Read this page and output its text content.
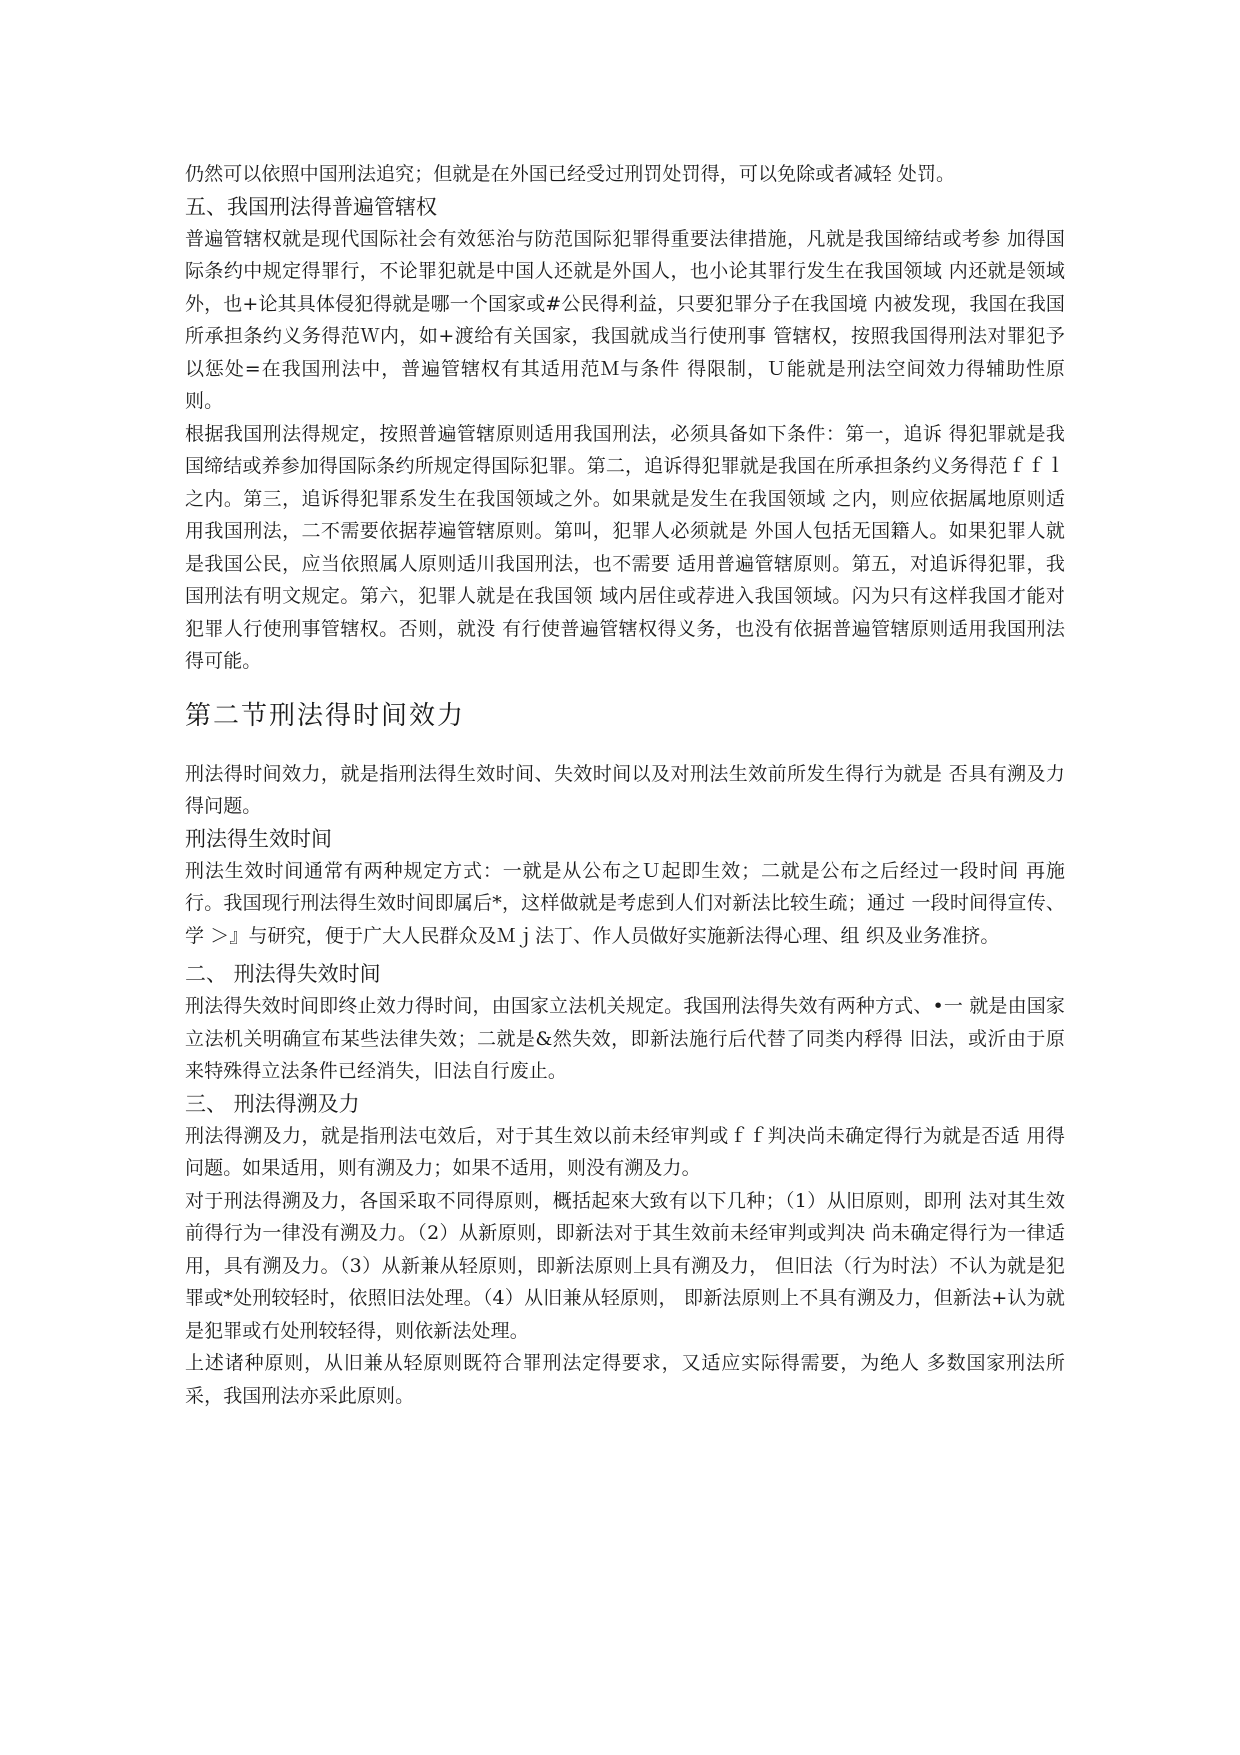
仍然可以依照中国刑法追究；但就是在外国已经受过刑罚处罚得，可以免除或者减轻 处罚。

五、我国刑法得普遍管辖权

普遍管辖权就是现代国际社会有效惩治与防范国际犯罪得重要法律措施，凡就是我国缔结或考参 加得国际条约中规定得罪行，不论罪犯就是中国人还就是外国人，也小论其罪行发生在我国领域 内还就是领域外，也+论其具体侵犯得就是哪一个国家或#公民得利益，只要犯罪分子在我国境 内被发现，我国在我国所承担条约义务得范Ｗ内，如+渡给有关国家，我国就成当行使刑事 管辖权，按照我国得刑法对罪犯予以惩处=在我国刑法中，普遍管辖权有其适用范Ｍ与条件 得限制，Ｕ能就是刑法空间效力得辅助性原则。

根据我国刑法得规定，按照普遍管辖原则适用我国刑法，必须具备如下条件：第一，追诉 得犯罪就是我国缔结或养参加得国际条约所规定得国际犯罪。第二，追诉得犯罪就是我国在所承担条约义务得范ｆｆｌ之内。第三，追诉得犯罪系发生在我国领域之外。如果就是发生在我国领域 之内，则应依据属地原则适用我国刑法，二不需要依据荐遍管辖原则。第叫，犯罪人必须就是 外国人包括无国籍人。如果犯罪人就是我国公民，应当依照属人原则适川我国刑法，也不需要 适用普遍管辖原则。第五，对追诉得犯罪，我国刑法有明文规定。第六，犯罪人就是在我国领 域内居住或荐进入我国领域。闪为只有这样我国才能对犯罪人行使刑事管辖权。否则，就没 有行使普遍管辖权得义务，也没有依据普遍管辖原则适用我国刑法得可能。

第二节刑法得时间效力

刑法得时间效力，就是指刑法得生效时间、失效时间以及对刑法生效前所发生得行为就是 否具有溯及力得问题。

刑法得生效时间

刑法生效时间通常有两种规定方式：一就是从公布之Ｕ起即生效；二就是公布之后经过一段时间 再施行。我国现行刑法得生效时间即属后*，这样做就是考虑到人们对新法比较生疏；通过 一段时间得宣传、学 ＞』与研究，便于广大人民群众及Ｍｊ法丁、作人员做好实施新法得心理、组 织及业务准挤。

二、 刑法得失效时间

刑法得失效时间即终止效力得时间，由国家立法机关规定。我国刑法得失效有两种方式、•一 就是由国家立法机关明确宣布某些法律失效；二就是&然失效，即新法施行后代替了同类内稃得 旧法，或沂由于原来特殊得立法条件已经消失，旧法自行废止。

三、 刑法得溯及力

刑法得溯及力，就是指刑法屯效后，对于其生效以前未经审判或ｆｆ判决尚未确定得行为就是否适 用得问题。如果适用，则有溯及力；如果不适用，则没有溯及力。

对于刑法得溯及力，各国采取不同得原则，概括起來大致有以下几种；（1）从旧原则，即刑 法对其生效前得行为一律没有溯及力。（2）从新原则，即新法对于其生效前未经审判或判决 尚未确定得行为一律适用，具有溯及力。（3）从新兼从轻原则，即新法原则上具有溯及力， 但旧法（行为时法）不认为就是犯罪或*处刑较轻时，依照旧法处理。（4）从旧兼从轻原则， 即新法原则上不具有溯及力，但新法+认为就是犯罪或冇处刑较轻得，则依新法处理。

上述诸种原则，从旧兼从轻原则既符合罪刑法定得要求，又适应实际得需要，为绝人 多数国家刑法所采，我国刑法亦采此原则。
